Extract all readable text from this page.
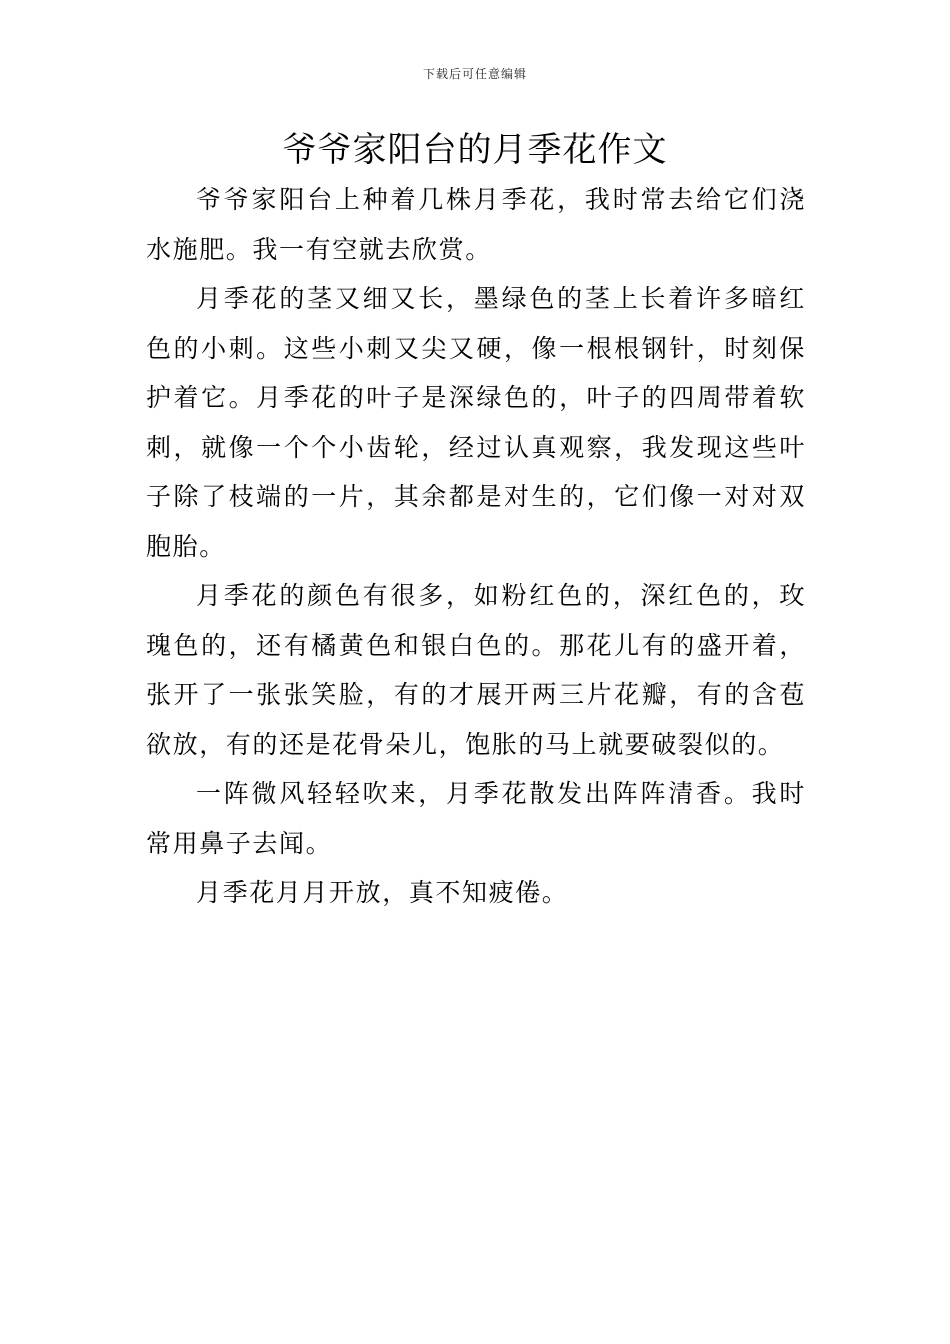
下载后可任意编辑
爷爷家阳台的月季花作文

爷爷家阳台上种着几株月季花，我时常去给它们浇水施肥。我一有空就去欣赏。

月季花的茎又细又长，墨绿色的茎上长着许多暗红色的小刺。这些小刺又尖又硬，像一根根钢针，时刻保护着它。月季花的叶子是深绿色的，叶子的四周带着软刺，就像一个个小齿轮，经过认真观察，我发现这些叶子除了枝端的一片，其余都是对生的，它们像一对对双胞胎。

月季花的颜色有很多，如粉红色的，深红色的，玫瑰色的，还有橘黄色和银白色的。那花儿有的盛开着，张开了一张张笑脸，有的才展开两三片花瓣，有的含苞欲放，有的还是花骨朵儿，饱胀的马上就要破裂似的。

一阵微风轻轻吹来，月季花散发出阵阵清香。我时常用鼻子去闻。

月季花月月开放，真不知疲倦。
